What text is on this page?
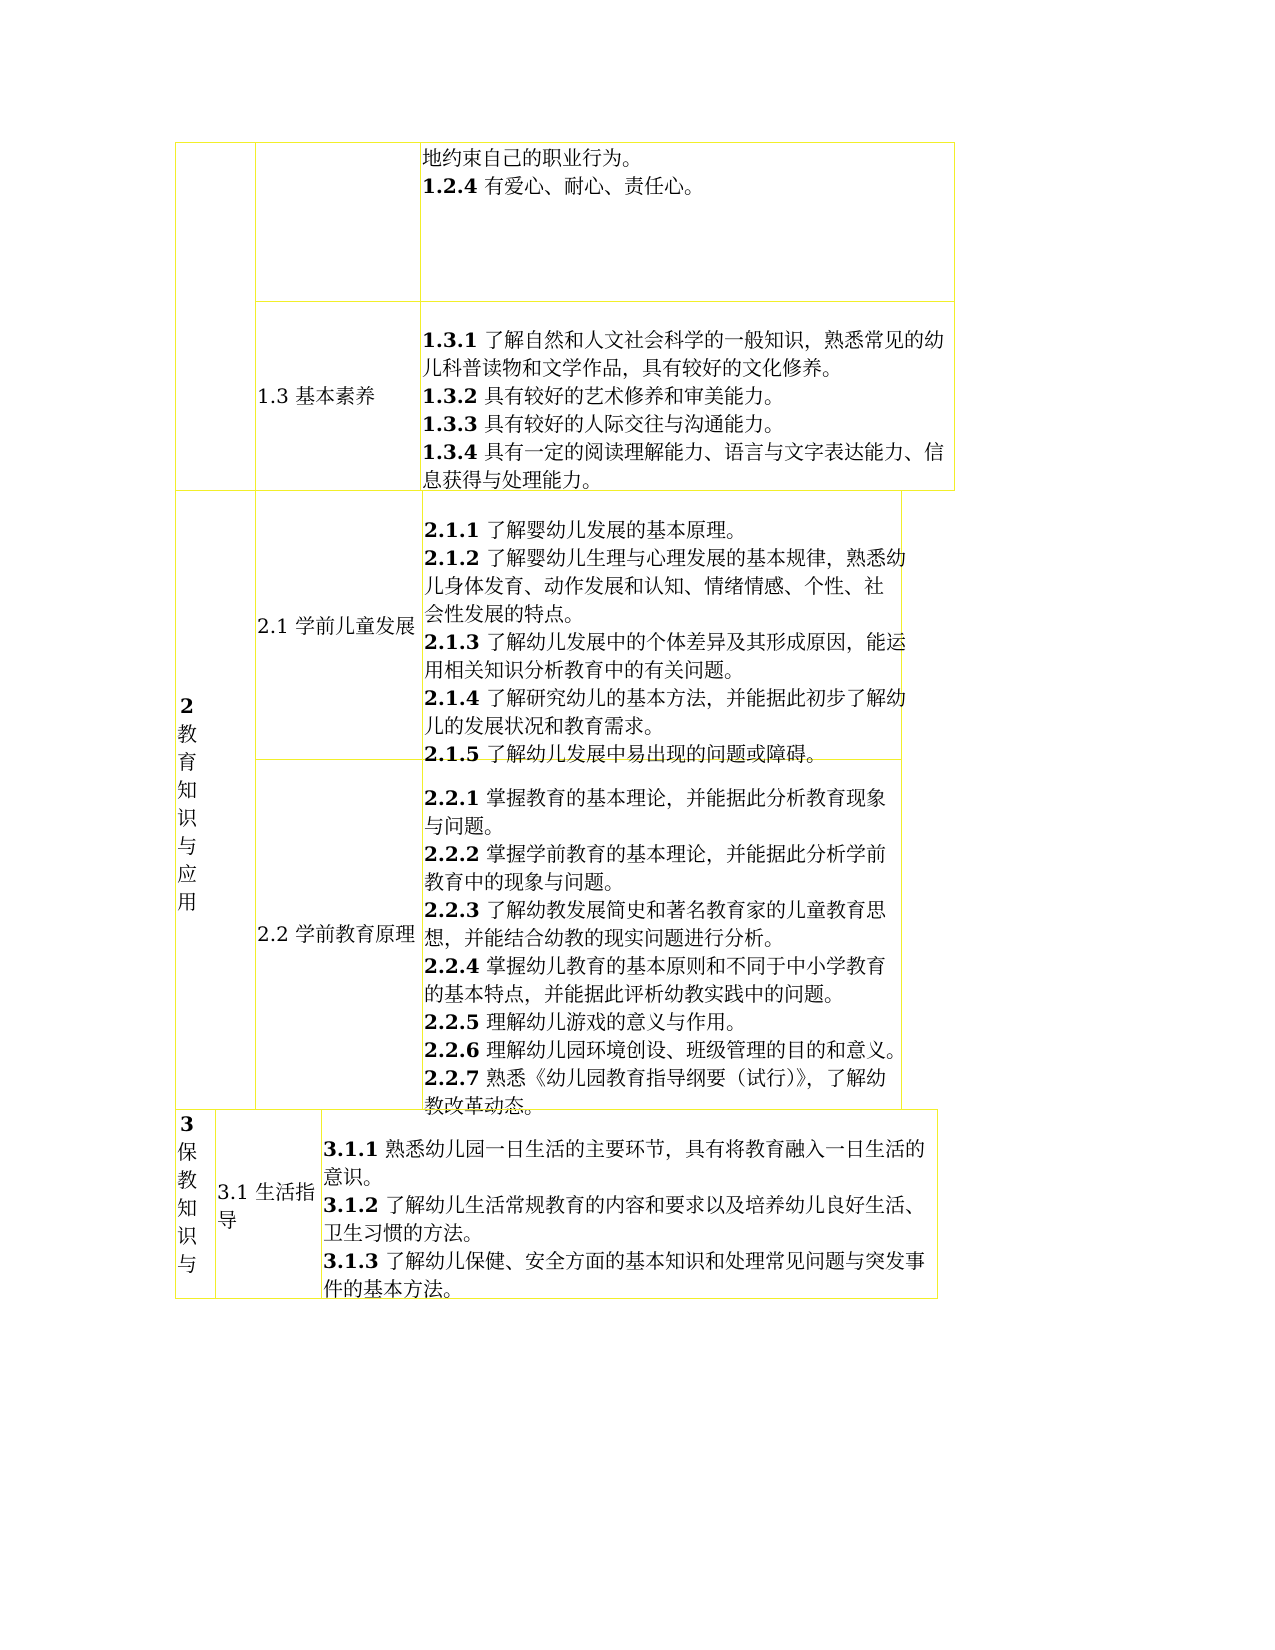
地约束自己的职业行为。
1.2.4 有爱心、耐心、责任心。
1.3 基本素养
1.3.1 了解自然和人文社会科学的一般知识，熟悉常见的幼
儿科普读物和文学作品，具有较好的文化修养。
1.3.2 具有较好的艺术修养和审美能力。
1.3.3 具有较好的人际交往与沟通能力。
1.3.4 具有一定的阅读理解能力、语言与文字表达能力、信
息获得与处理能力。
2
教
育
知
识
与
应
用
2.1 学前儿童发展
2.1.1 了解婴幼儿发展的基本原理。
2.1.2 了解婴幼儿生理与心理发展的基本规律，熟悉幼
儿身体发育、动作发展和认知、情绪情感、个性、社
会性发展的特点。
2.1.3 了解幼儿发展中的个体差异及其形成原因，能运
用相关知识分析教育中的有关问题。
2.1.4 了解研究幼儿的基本方法，并能据此初步了解幼
儿的发展状况和教育需求。
2.1.5 了解幼儿发展中易出现的问题或障碍。
2.2 学前教育原理
2.2.1 掌握教育的基本理论，并能据此分析教育现象
与问题。
2.2.2 掌握学前教育的基本理论，并能据此分析学前
教育中的现象与问题。
2.2.3 了解幼教发展简史和著名教育家的儿童教育思
想，并能结合幼教的现实问题进行分析。
2.2.4 掌握幼儿教育的基本原则和不同于中小学教育
的基本特点，并能据此评析幼教实践中的问题。
2.2.5 理解幼儿游戏的意义与作用。
2.2.6 理解幼儿园环境创设、班级管理的目的和意义。
2.2.7 熟悉《幼儿园教育指导纲要（试行）》，了解幼
教改革动态。
3
保
教
知
识
与
3.1 生活指
导
3.1.1 熟悉幼儿园一日生活的主要环节，具有将教育融入一日生活的
意识。
3.1.2 了解幼儿生活常规教育的内容和要求以及培养幼儿良好生活、
卫生习惯的方法。
3.1.3 了解幼儿保健、安全方面的基本知识和处理常见问题与突发事
件的基本方法。
